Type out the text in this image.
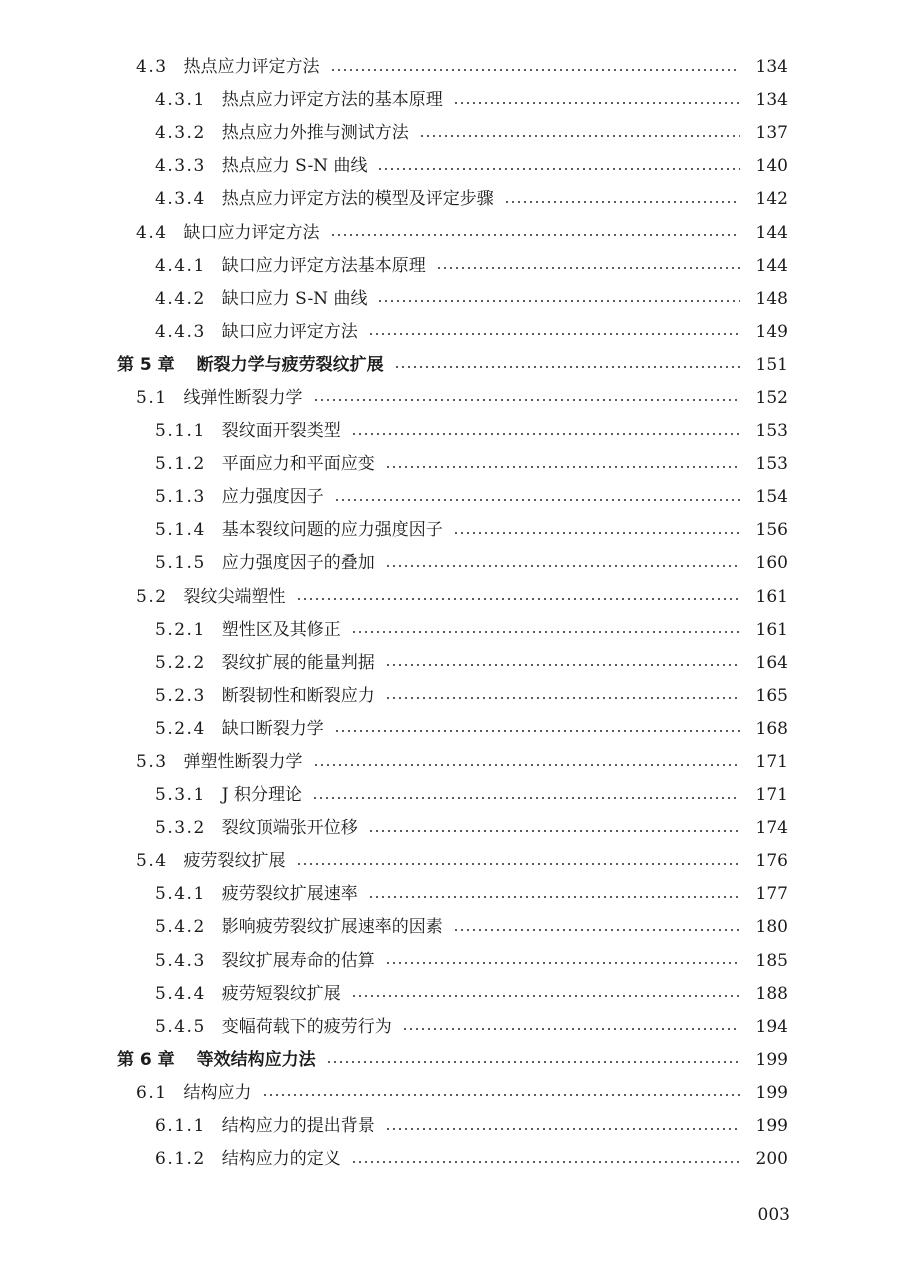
4.3 热点应力评定方法	134
4.3.1 热点应力评定方法的基本原理	134
4.3.2 热点应力外推与测试方法	137
4.3.3 热点应力 S-N 曲线	140
4.3.4 热点应力评定方法的模型及评定步骤	142
4.4 缺口应力评定方法	144
4.4.1 缺口应力评定方法基本原理	144
4.4.2 缺口应力 S-N 曲线	148
4.4.3 缺口应力评定方法	149
第 5 章 断裂力学与疲劳裂纹扩展	151
5.1 线弹性断裂力学	152
5.1.1 裂纹面开裂类型	153
5.1.2 平面应力和平面应变	153
5.1.3 应力强度因子	154
5.1.4 基本裂纹问题的应力强度因子	156
5.1.5 应力强度因子的叠加	160
5.2 裂纹尖端塑性	161
5.2.1 塑性区及其修正	161
5.2.2 裂纹扩展的能量判据	164
5.2.3 断裂韧性和断裂应力	165
5.2.4 缺口断裂力学	168
5.3 弹塑性断裂力学	171
5.3.1 J 积分理论	171
5.3.2 裂纹顶端张开位移	174
5.4 疲劳裂纹扩展	176
5.4.1 疲劳裂纹扩展速率	177
5.4.2 影响疲劳裂纹扩展速率的因素	180
5.4.3 裂纹扩展寿命的估算	185
5.4.4 疲劳短裂纹扩展	188
5.4.5 变幅荷载下的疲劳行为	194
第 6 章 等效结构应力法	199
6.1 结构应力	199
6.1.1 结构应力的提出背景	199
6.1.2 结构应力的定义	200
003
